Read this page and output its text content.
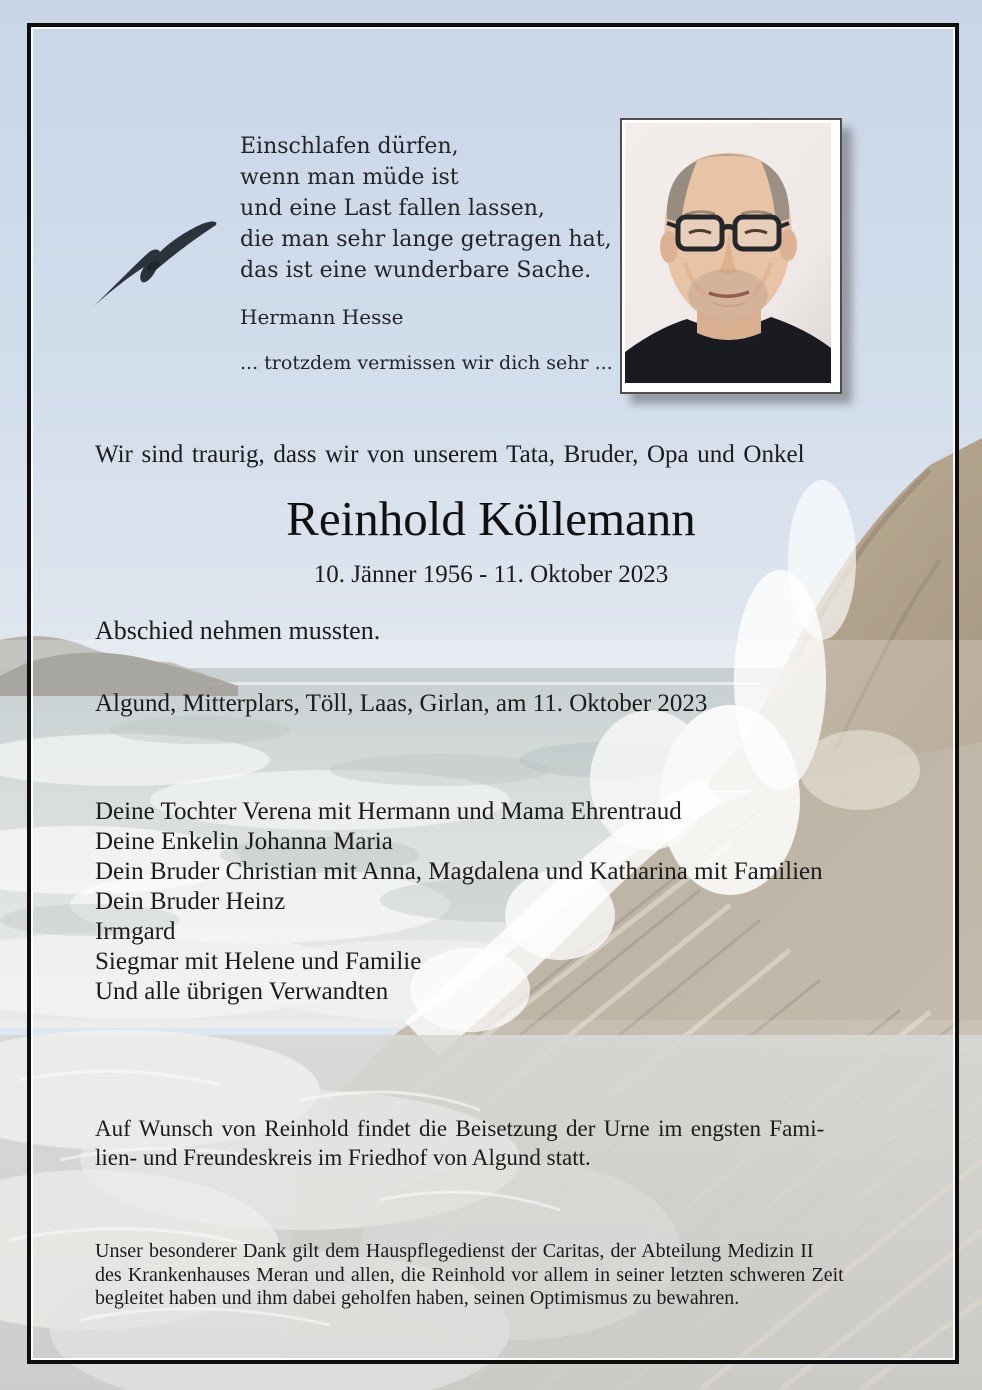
Einschlafen dürfen,
wenn man müde ist
und eine Last fallen lassen,
die man sehr lange getragen hat,
das ist eine wunderbare Sache.
Hermann Hesse
... trotzdem vermissen wir dich sehr ...
Wir sind traurig, dass wir von unserem Tata, Bruder, Opa und Onkel
Reinhold Köllemann
10. Jänner 1956 - 11. Oktober 2023
Abschied nehmen mussten.
Algund, Mitterplars, Töll, Laas, Girlan, am 11. Oktober 2023
Deine Tochter Verena mit Hermann und Mama Ehrentraud
Deine Enkelin Johanna Maria
Dein Bruder Christian mit Anna, Magdalena und Katharina mit Familien
Dein Bruder Heinz
Irmgard
Siegmar mit Helene und Familie
Und alle übrigen Verwandten
Auf Wunsch von Reinhold findet die Beisetzung der Urne im engsten Fami-
lien- und Freundeskreis im Friedhof von Algund statt.
Unser besonderer Dank gilt dem Hauspflegedienst der Caritas, der Abteilung Medizin II
des Krankenhauses Meran und allen, die Reinhold vor allem in seiner letzten schweren Zeit
begleitet haben und ihm dabei geholfen haben, seinen Optimismus zu bewahren.
